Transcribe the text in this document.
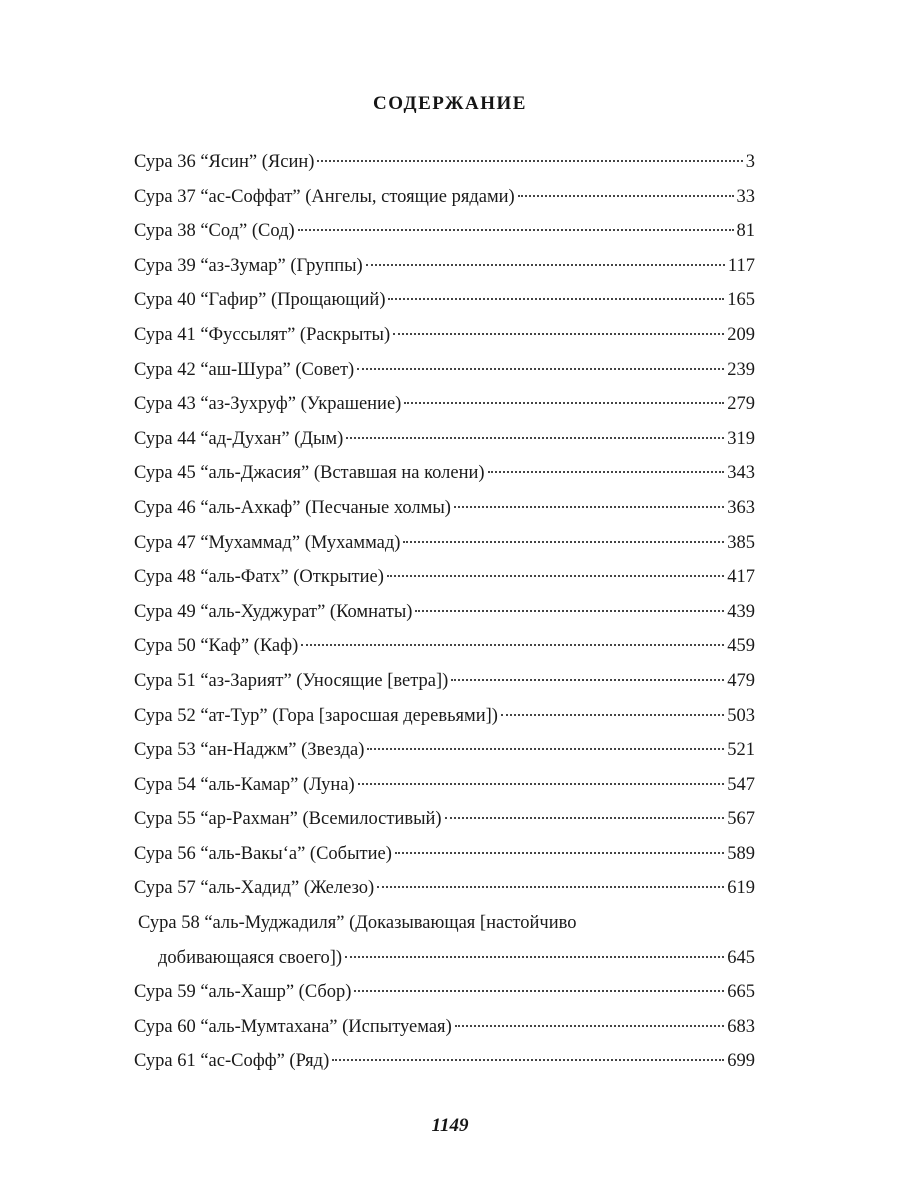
СОДЕРЖАНИЕ
Сура 36 “Ясин” (Ясин)	3
Сура 37 “ас-Соффат” (Ангелы, стоящие рядами)	33
Сура 38 “Сод” (Сод)	81
Сура 39 “аз-Зумар” (Группы)	117
Сура 40 “Гафир” (Прощающий)	165
Сура 41 “Фуссылят” (Раскрыты)	209
Сура 42 “аш-Шура” (Совет)	239
Сура 43 “аз-Зухруф” (Украшение)	279
Сура 44 “ад-Духан” (Дым)	319
Сура 45 “аль-Джасия” (Вставшая на колени)	343
Сура 46 “аль-Ахкаф” (Песчаные холмы)	363
Сура 47 “Мухаммад” (Мухаммад)	385
Сура 48 “аль-Фатх” (Открытие)	417
Сура 49 “аль-Худжурат” (Комнаты)	439
Сура 50 “Каф” (Каф)	459
Сура 51 “аз-Зарият” (Уносящие [ветра])	479
Сура 52 “ат-Тур” (Гора [заросшая деревьями])	503
Сура 53 “ан-Наджм” (Звезда)	521
Сура 54 “аль-Камар” (Луна)	547
Сура 55 “ар-Рахман” (Всемилостивый)	567
Сура 56 “аль-Вакы‘а” (Событие)	589
Сура 57 “аль-Хадид” (Железо)	619
Сура 58 “аль-Муджадиля” (Доказывающая [настойчиво
добивающаяся своего])	645
Сура 59 “аль-Хашр” (Сбор)	665
Сура 60 “аль-Мумтахана” (Испытуемая)	683
Сура 61 “ас-Софф” (Ряд)	699
1149
